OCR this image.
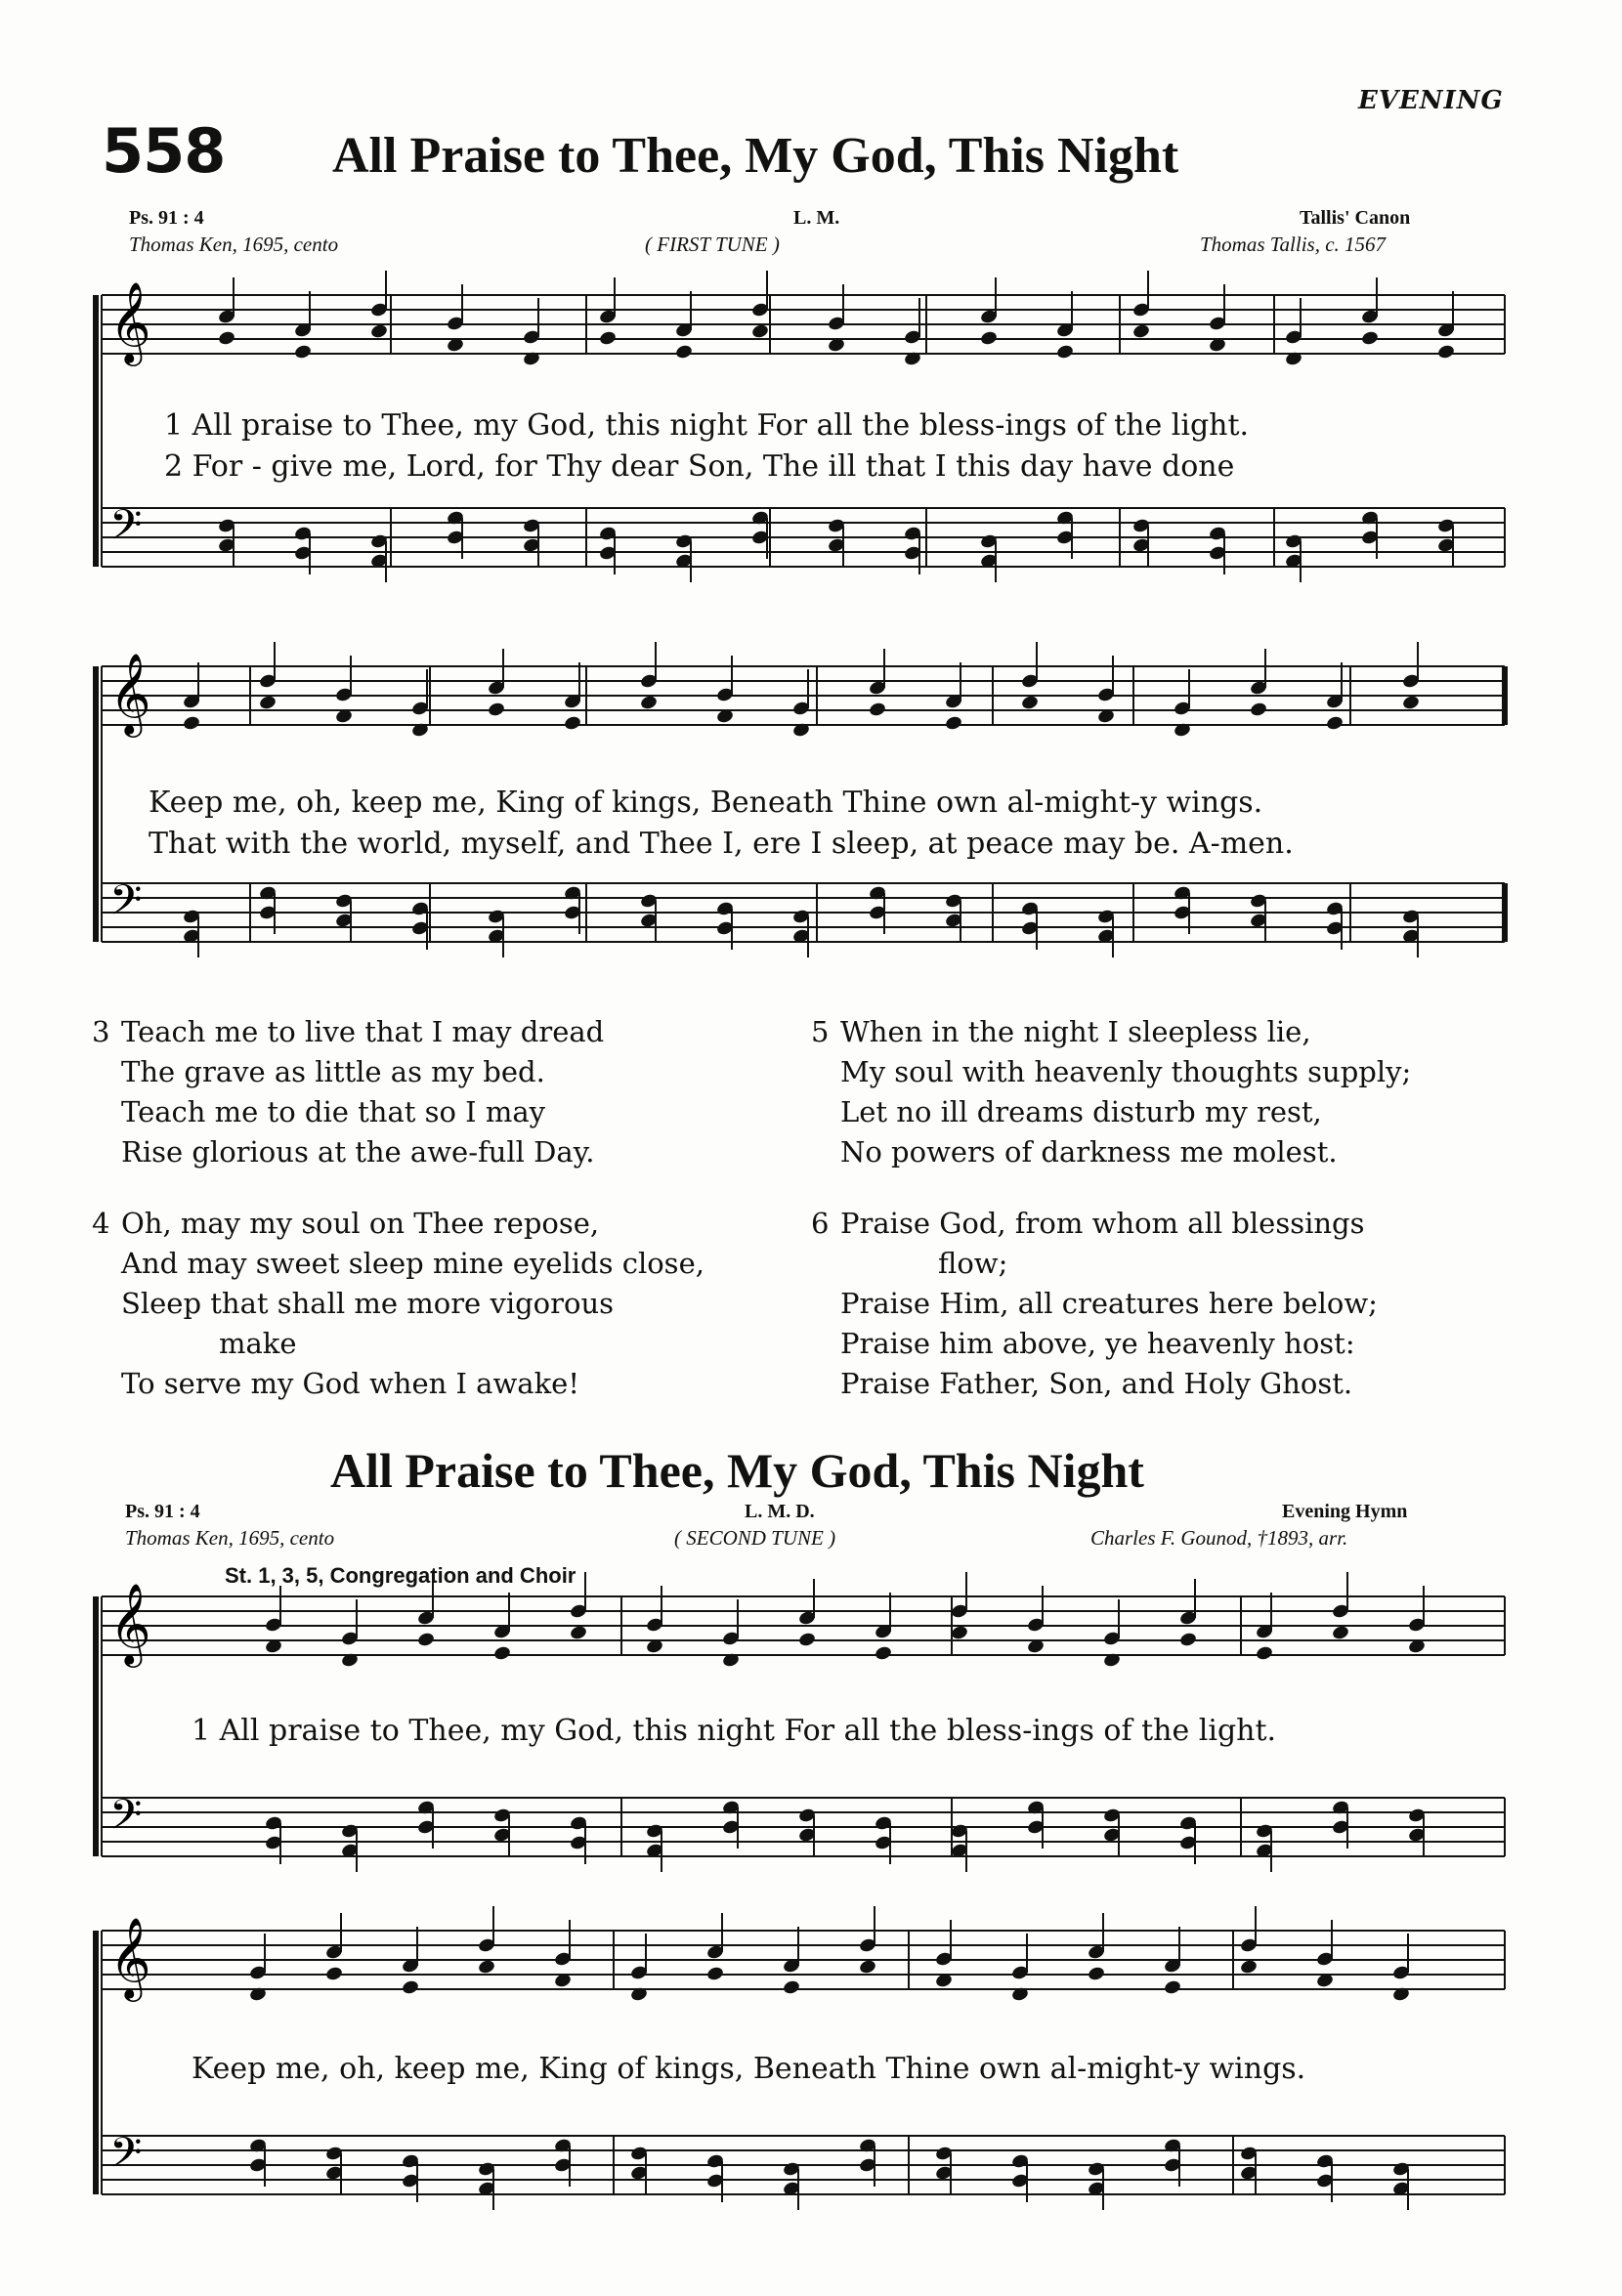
EVENING
558 All Praise to Thee, My God, This Night
Ps. 91 : 4	L. M.	Tallis' Canon
Thomas Ken, 1695, cento	( FIRST TUNE )	Thomas Tallis, c. 1567
𝄞
𝄢
𝄞
𝄢
𝄞
𝄢
𝄞
𝄢
1 All praise to Thee, my God, this night For all the bless-ings of the light.
2 For - give me, Lord, for Thy dear Son, The ill that I this day have done
Keep me, oh, keep me, King of kings, Beneath Thine own al-might-y wings.
That with the world, myself, and Thee I, ere I sleep, at peace may be. A-men.
3 Teach me to live that I may dread
The grave as little as my bed.
Teach me to die that so I may
Rise glorious at the awe-full Day.
5 When in the night I sleepless lie,
My soul with heavenly thoughts supply;
Let no ill dreams disturb my rest,
No powers of darkness me molest.
4 Oh, may my soul on Thee repose,
And may sweet sleep mine eyelids close,
Sleep that shall me more vigorous
make
To serve my God when I awake!
6 Praise God, from whom all blessings
flow;
Praise Him, all creatures here below;
Praise him above, ye heavenly host:
Praise Father, Son, and Holy Ghost.
All Praise to Thee, My God, This Night
Ps. 91 : 4	L. M. D.	Evening Hymn
Thomas Ken, 1695, cento	( SECOND TUNE )	Charles F. Gounod, †1893, arr.
St. 1, 3, 5, Congregation and Choir
1 All praise to Thee, my God, this night For all the bless-ings of the light.
Keep me, oh, keep me, King of kings, Beneath Thine own al-might-y wings.
